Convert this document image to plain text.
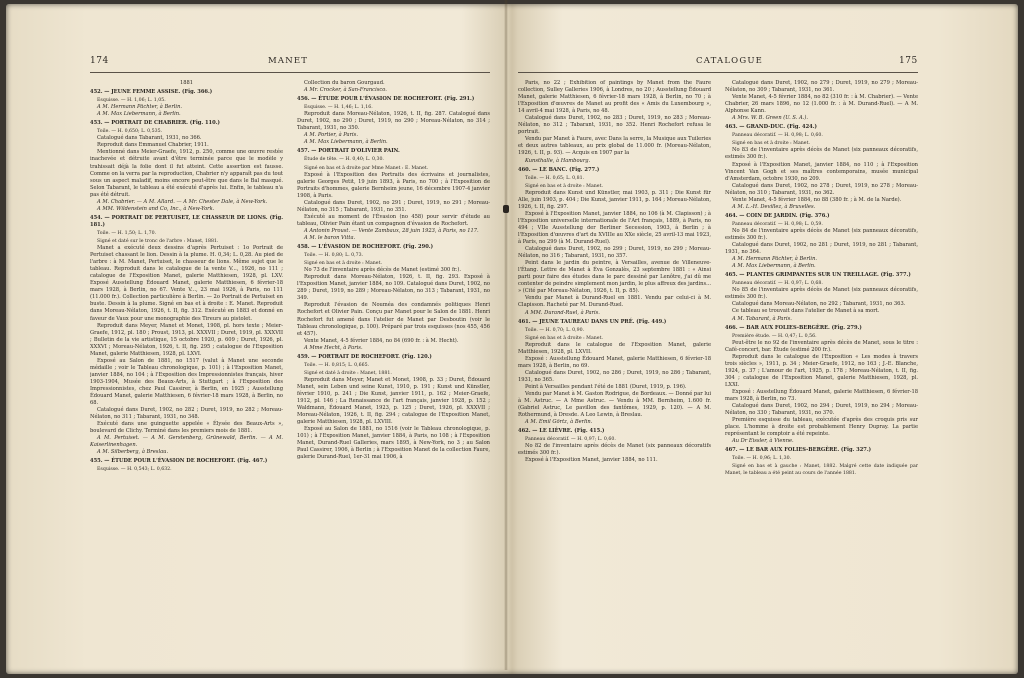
174	MANET

1881

452. — JEUNE FEMME ASSISE. (Fig. 366.)

Esquisse. — H. 1,06; L. 1,05.

A M. Hermann Pächter, à Berlin.

A M. Max Liebermann, à Berlin.

453. — PORTRAIT DE CHABRIER. (Fig. 110.)

Toile. — H. 0,650; L. 0,535.

Catalogué dans Tabarant, 1931, no 366.

Reproduit dans Emmanuel Chabrier, 1911.

Mentionné dans Meier-Graefe, 1912, p. 250, comme une œuvre restée inachevée et détruite avant d'être terminée parce que le modèle y trahissait déjà la folie dont il fut atteint. Cette assertion est fausse. Comme on la verra par la reproduction, Chabrier n'y apparaît pas du tout sous un aspect maladif, moins encore peut-être que dans le Bal masqué. Selon Tabarant, le tableau a été exécuté d'après lui. Enfin, le tableau n'a pas été détruit.

A M. Chabrier. — A M. Allard. — A Mr. Chester Dale, à New-York.

A MM. Wildenstein and Co, Inc., à New-York.

454. — PORTRAIT DE PERTUISET, LE CHASSEUR DE LIONS. (Fig. 181.)

Toile. — H. 1,50; L. 1,70.

Signé et daté sur le tronc de l'arbre : Manet, 1881.

Manet a exécuté deux dessins d'après Pertuiset : 1o Portrait de Pertuiset chassant le lion. Dessin à la plume. H. 0,34; L. 0,28. Au pied de l'arbre : à M. Manet, Pertuiset, le chasseur de lions. Même sujet que le tableau. Reproduit dans le catalogue de la vente V..., 1926, no 111 ; catalogue de l'Exposition Manet, galerie Matthiesen, 1928, pl. LXV. Exposé Ausstellung Édouard Manet, galerie Matthiesen, 6 février-18 mars 1928, à Berlin, no 67. Vente V..., 23 mai 1926, à Paris, no 111 (11.000 fr.). Collection particulière à Berlin. — 2o Portrait de Pertuiset en buste. Dessin à la plume. Signé en bas et à droite : E. Manet. Reproduit dans Moreau-Nélaton, 1926, t. II, fig. 312. Exécuté en 1883 et donné en faveur de Vaux pour une monographie des Tireurs au pistolet.

Reproduit dans Meyer, Manet et Monet, 1908, pl. hors texte ; Meier-Graefe, 1912, pl. 180 ; Proust, 1913, pl. XXXVII ; Duret, 1919, pl. XXXVII ; Bulletin de la vie artistique, 15 octobre 1920, p. 609 ; Duret, 1926, pl. XXXVI ; Moreau-Nélaton, 1926, t. II, fig. 295 ; catalogue de l'Exposition Manet, galerie Matthiesen, 1928, pl. LXVI.

Exposé au Salon de 1881, no 1517 (valut à Manet une seconde médaille ; voir le Tableau chronologique, p. 101) ; à l'Exposition Manet, janvier 1884, no 104 ; à l'Exposition des Impressionnistes français, hiver 1903-1904, Musée des Beaux-Arts, à Stuttgart ; à l'Exposition des Impressionnistes, chez Paul Cassirer, à Berlin, en 1925 ; Ausstellung Édouard Manet, galerie Matthiesen, 6 février-18 mars 1928, à Berlin, no 68.

Catalogué dans Duret, 1902, no 282 ; Duret, 1919, no 282 ; Moreau-Nélaton, no 311 ; Tabarant, 1931, no 348.

Exécuté dans une guinguette appelée « Élysée des Beaux-Arts », boulevard de Clichy. Terminé dans les premiers mois de 1881.

A M. Pertuiset. — A M. Gerstenberg, Grünewald, Berlin. — A M. Kaiserlinenhagen.

A M. Silberberg, à Breslau.

455. — ÉTUDE POUR L'ÉVASION DE ROCHEFORT. (Fig. 467.)

Esquisse. — H. 0,543; L. 0,632.

Collection du baron Gourgaud.

A Mr. Crocker, à San-Francisco.

456. — ÉTUDE POUR L'ÉVASION DE ROCHEFORT. (Fig. 291.)

Esquisse. — H. 1,46; L. 1,16.

Reproduit dans Moreau-Nélaton, 1926, t. II, fig. 287. Catalogué dans Duret, 1902, no 290 ; Duret, 1919, no 290 ; Moreau-Nélaton, no 314 ; Tabarant, 1931, no 350.

A M. Portier, à Paris.

A M. Max Liebermann, à Berlin.

457. — PORTRAIT D'OLIVIER PAIN.

Étude de tête. — H. 0,40; L. 0,30.

Signé en bas et à droite par Mme Manet : E. Manet.

Exposé à l'Exposition des Portraits des écrivains et journalistes, galerie Georges Petit, 19 juin 1893, à Paris, no 700 ; à l'Exposition de Portraits d'hommes, galerie Bernheim jeune, 16 décembre 1907-4 janvier 1908, à Paris.

Catalogué dans Duret, 1902, no 291 ; Duret, 1919, no 291 ; Moreau-Nélaton, no 315 ; Tabarant, 1931, no 351.

Exécuté au moment de l'Évasion (no 458) pour servir d'étude au tableau, Olivier Pain étant un compagnon d'évasion de Rochefort.

A Antonin Proust. — Vente Zambaux, 28 juin 1923, à Paris, no 117.

A M. le baron Vitta.

458. — L'ÉVASION DE ROCHEFORT. (Fig. 290.)

Toile. — H. 0,80; L. 0,73.

Signé en bas et à droite : Manet.

No 73 de l'inventaire après décès de Manet (estimé 300 fr.).

Reproduit dans Moreau-Nélaton, 1926, t. II, fig. 293. Exposé à l'Exposition Manet, janvier 1884, no 109. Catalogué dans Duret, 1902, no 289 ; Duret, 1919, no 289 ; Moreau-Nélaton, no 313 ; Tabarant, 1931, no 349.

Reproduit l'évasion de Nouméa des condamnés politiques Henri Rochefort et Olivier Pain. Conçu par Manet pour le Salon de 1881. Henri Rochefort fut amené dans l'atelier de Manet par Desboutin (voir le Tableau chronologique, p. 100). Préparé par trois esquisses (nos 455, 456 et 457).

Vente Manet, 4-5 février 1884, no 84 (690 fr. : à M. Hecht).

A Mme Hecht, à Paris.

459. — PORTRAIT DE ROCHEFORT. (Fig. 120.)

Toile. — H. 0,815; L. 0,665.

Signé et daté à droite : Manet, 1881.

Reproduit dans Meyer, Manet et Monet, 1908, p. 33 ; Duret, Édouard Manet, sein Leben und seine Kunst, 1910, p. 191 ; Kunst und Künstler, février 1910, p. 241 ; Die Kunst, janvier 1911, p. 162 ; Meier-Graefe, 1912, pl. 146 ; La Renaissance de l'art français, janvier 1928, p. 152 ; Waldmann, Édouard Manet, 1923, p. 125 ; Duret, 1926, pl. XXXVII ; Moreau-Nélaton, 1926, t. II, fig. 294 ; catalogue de l'Exposition Manet, galerie Matthiesen, 1928, pl. LXVIII.

Exposé au Salon de 1881, no 1516 (voir le Tableau chronologique, p. 101) ; à l'Exposition Manet, janvier 1884, à Paris, no 108 ; à l'Exposition Manet, Durand-Ruel Galleries, mars 1895, à New-York, no 3 ; au Salon Paul Cassirer, 1906, à Berlin ; à l'Exposition Manet de la collection Faure, galerie Durand-Ruel, 1er-31 mai 1906, à

CATALOGUE	175

Paris, no 22 ; Exhibition of paintings by Manet from the Faure collection, Sulley Galleries 1906, à Londres, no 20 ; Ausstellung Édouard Manet, galerie Matthiesen, 6 février-18 mars 1928, à Berlin, no 70 ; à l'Exposition d'œuvres de Manet au profit des « Amis du Luxembourg », 14 avril-4 mai 1928, à Paris, no 48.

Catalogué dans Duret, 1902, no 283 ; Duret, 1919, no 283 ; Moreau-Nélaton, no 312 ; Tabarant, 1931, no 352. Henri Rochefort refusa le portrait.

Vendu par Manet à Faure, avec Dans la serre, la Musique aux Tuileries et deux autres tableaux, au prix global de 11.000 fr. (Moreau-Nélaton, 1926, t. II, p. 93). — Acquis en 1907 par la

Kunsthalle, à Hambourg.

460. — LE BANC. (Fig. 277.)

Toile. — H. 0,65; L. 0,81.

Signé en bas et à droite : Manet.

Reproduit dans Kunst und Künstler, mai 1903, p. 311 ; Die Kunst für Alle, juin 1903, p. 404 ; Die Kunst, janvier 1911, p. 164 ; Moreau-Nélaton, 1926, t. II, fig. 297.

Exposé à l'Exposition Manet, janvier 1884, no 106 (à M. Clapisson) ; à l'Exposition universelle internationale de l'Art français, 1889, à Paris, no 494 ; VIIe Ausstellung der Berliner Secession, 1903, à Berlin ; à l'Exposition d'œuvres d'art du XVIIIe au XXe siècle, 25 avril-13 mai 1923, à Paris, no 299 (à M. Durand-Ruel).

Catalogué dans Duret, 1902, no 299 ; Duret, 1919, no 299 ; Moreau-Nélaton, no 316 ; Tabarant, 1931, no 357.

Peint dans le jardin du peintre, à Versailles, avenue de Villeneuve-l'Étang. Lettre de Manet à Éva Gonzalès, 23 septembre 1881 : « Ainsi parti pour faire des études dans le parc dessiné par Lenôtre, j'ai dû me contenter de peindre simplement mon jardin, le plus affreux des jardins... » (Cité par Moreau-Nélaton, 1926, t. II, p. 85).

Vendu par Manet à Durand-Ruel en 1881. Vendu par celui-ci à M. Clapisson. Racheté par M. Durand-Ruel.

A MM. Durand-Ruel, à Paris.

461. — JEUNE TAUREAU DANS UN PRÉ. (Fig. 449.)

Toile. — H. 0,70; L. 0,90.

Signé en bas et à droite : Manet.

Reproduit dans le catalogue de l'Exposition Manet, galerie Matthiesen, 1928, pl. LXVII.

Exposé : Ausstellung Édouard Manet, galerie Matthiesen, 6 février-18 mars 1928, à Berlin, no 69.

Catalogué dans Duret, 1902, no 286 ; Duret, 1919, no 286 ; Tabarant, 1931, no 365.

Peint à Versailles pendant l'été de 1881 (Duret, 1919, p. 196).

Vendu par Manet à M. Gaston Rodrigue, de Bordeaux. — Donné par lui à M. Astruc. — A Mme Astruc. — Vendu à MM. Bernheim, 1.600 fr. (Gabriel Astruc, Le pavillon des fantômes, 1929, p. 120). — A M. Rothermund, à Dresde. A Leo Lewin, à Breslau.

A M. Emil Görtz, à Berlin.

462. — LE LIÈVRE. (Fig. 415.)

Panneau décoratif. — H. 0,97; L. 0,60.

No 82 de l'inventaire après décès de Manet (six panneaux décoratifs estimés 300 fr.).

Exposé à l'Exposition Manet, janvier 1884, no 111.

Catalogué dans Duret, 1902, no 279 ; Duret, 1919, no 279 ; Moreau-Nélaton, no 309 ; Tabarant, 1931, no 361.

Vente Manet, 4-5 février 1884, no 82 (310 fr. : à M. Chabrier). — Vente Chabrier, 26 mars 1896, no 12 (1.000 fr. : à M. Durand-Ruel). — A M. Alphonse Kann.

A Mrs. W. B. Green (U. S. A.).

463. — GRAND-DUC. (Fig. 424.)

Panneau décoratif. — H. 0,98; L. 0,60.

Signé en bas et à droite : Manet.

No 83 de l'inventaire après décès de Manet (six panneaux décoratifs, estimés 300 fr.).

Exposé à l'Exposition Manet, janvier 1884, no 110 ; à l'Exposition Vincent Van Gogh et ses maîtres contemporains, musée municipal d'Amsterdam, octobre 1930, no 209.

Catalogué dans Duret, 1902, no 278 ; Duret, 1919, no 278 ; Moreau-Nélaton, no 310 ; Tabarant, 1931, no 362.

Vente Manet, 4-5 février 1884, no 88 (380 fr. ; à M. de la Narde).

A M. L.-H. Devillez, à Bruxelles.

464. — COIN DE JARDIN. (Fig. 376.)

Panneau décoratif. — H. 0,98; L. 0,59.

No 84 de l'inventaire après décès de Manet (six panneaux décoratifs, estimés 300 fr.).

Catalogué dans Duret, 1902, no 281 ; Duret, 1919, no 281 ; Tabarant, 1931, no 364.

A M. Hermann Pächter, à Berlin.

A M. Max Liebermann, à Berlin.

465. — PLANTES GRIMPANTES SUR UN TREILLAGE. (Fig. 377.)

Panneau décoratif. — H. 0,97; L. 0,68.

No 85 de l'inventaire après décès de Manet (six panneaux décoratifs, estimés 300 fr.).

Catalogué dans Moreau-Nélaton, no 292 ; Tabarant, 1931, no 363.

Ce tableau se trouvait dans l'atelier de Manet à sa mort.

A M. Tabarant, à Paris.

466. — BAR AUX FOLIES-BERGÈRE. (Fig. 279.)

Première étude. — H. 0,47; L. 0,56.

Peut-être le no 92 de l'inventaire après décès de Manet, sous le titre : Café-concert, bar. Étude (estimé 200 fr.).

Reproduit dans le catalogue de l'Exposition « Les modes à travers trois siècles », 1911, p. 34 ; Meier-Graefe, 1912, no 163 ; J.-E. Blanche, 1924, p. 37 ; L'amour de l'art, 1925, p. 178 ; Moreau-Nélaton, t. II, fig. 304 ; catalogue de l'Exposition Manet, galerie Matthiesen, 1928, pl. LXXI.

Exposé : Ausstellung Édouard Manet, galerie Matthiesen, 6 février-18 mars 1928, à Berlin, no 73.

Catalogué dans Duret, 1902, no 294 ; Duret, 1919, no 294 ; Moreau-Nélaton, no 330 ; Tabarant, 1931, no 370.

Première esquisse du tableau, exécutée d'après des croquis pris sur place. L'homme à droite est probablement Henry Dupray. La partie représentant le comptoir a été repeinte.

Au Dr Eissler, à Vienne.

467. — LE BAR AUX FOLIES-BERGÈRE. (Fig. 327.)

Toile. — H. 0,96; L. 1,30.

Signé en bas et à gauche : Manet, 1882. Malgré cette date indiquée par Manet, le tableau a été peint au cours de l'année 1881.
